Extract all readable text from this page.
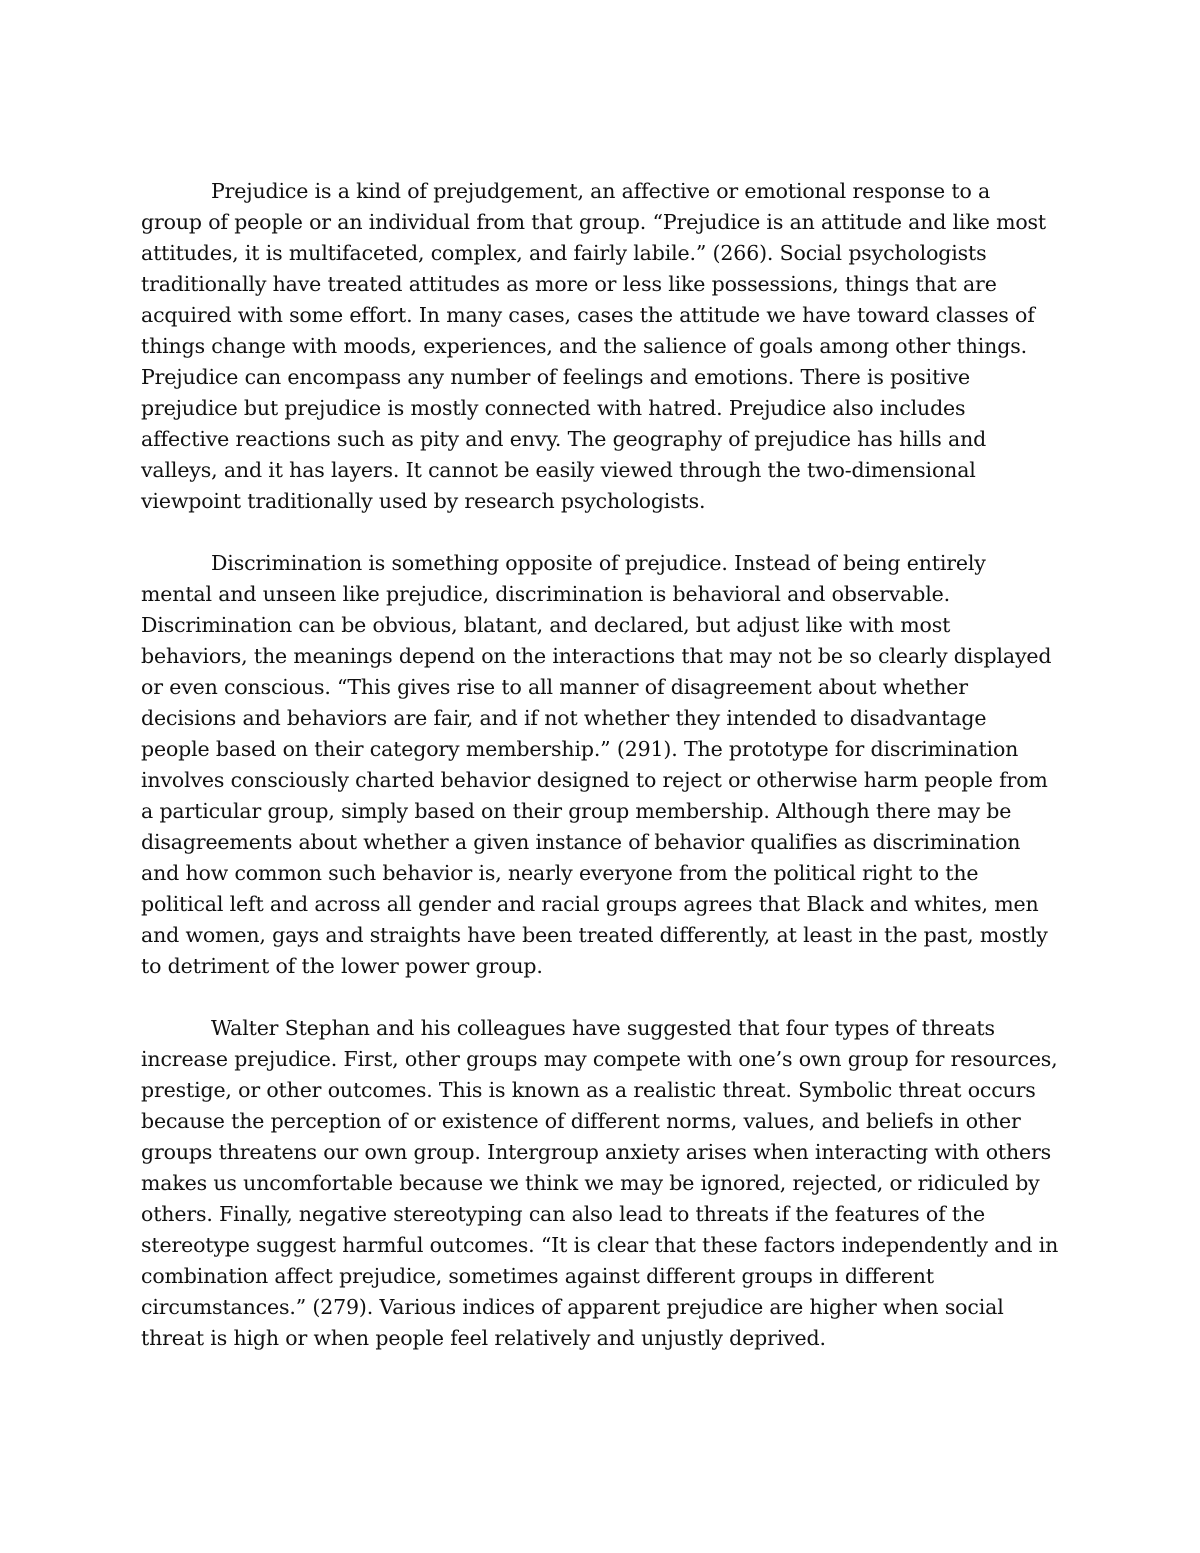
Prejudice is a kind of prejudgement, an affective or emotional response to a
group of people or an individual from that group. “Prejudice is an attitude and like most
attitudes, it is multifaceted, complex, and fairly labile.” (266). Social psychologists
traditionally have treated attitudes as more or less like possessions, things that are
acquired with some effort. In many cases, cases the attitude we have toward classes of
things change with moods, experiences, and the salience of goals among other things.
Prejudice can encompass any number of feelings and emotions. There is positive
prejudice but prejudice is mostly connected with hatred. Prejudice also includes
affective reactions such as pity and envy. The geography of prejudice has hills and
valleys, and it has layers. It cannot be easily viewed through the two-dimensional
viewpoint traditionally used by research psychologists.
Discrimination is something opposite of prejudice. Instead of being entirely
mental and unseen like prejudice, discrimination is behavioral and observable.
Discrimination can be obvious, blatant, and declared, but adjust like with most
behaviors, the meanings depend on the interactions that may not be so clearly displayed
or even conscious. “This gives rise to all manner of disagreement about whether
decisions and behaviors are fair, and if not whether they intended to disadvantage
people based on their category membership.” (291). The prototype for discrimination
involves consciously charted behavior designed to reject or otherwise harm people from
a particular group, simply based on their group membership. Although there may be
disagreements about whether a given instance of behavior qualifies as discrimination
and how common such behavior is, nearly everyone from the political right to the
political left and across all gender and racial groups agrees that Black and whites, men
and women, gays and straights have been treated differently, at least in the past, mostly
to detriment of the lower power group.
Walter Stephan and his colleagues have suggested that four types of threats
increase prejudice. First, other groups may compete with one’s own group for resources,
prestige, or other outcomes. This is known as a realistic threat. Symbolic threat occurs
because the perception of or existence of different norms, values, and beliefs in other
groups threatens our own group. Intergroup anxiety arises when interacting with others
makes us uncomfortable because we think we may be ignored, rejected, or ridiculed by
others. Finally, negative stereotyping can also lead to threats if the features of the
stereotype suggest harmful outcomes. “It is clear that these factors independently and in
combination affect prejudice, sometimes against different groups in different
circumstances.” (279). Various indices of apparent prejudice are higher when social
threat is high or when people feel relatively and unjustly deprived.
